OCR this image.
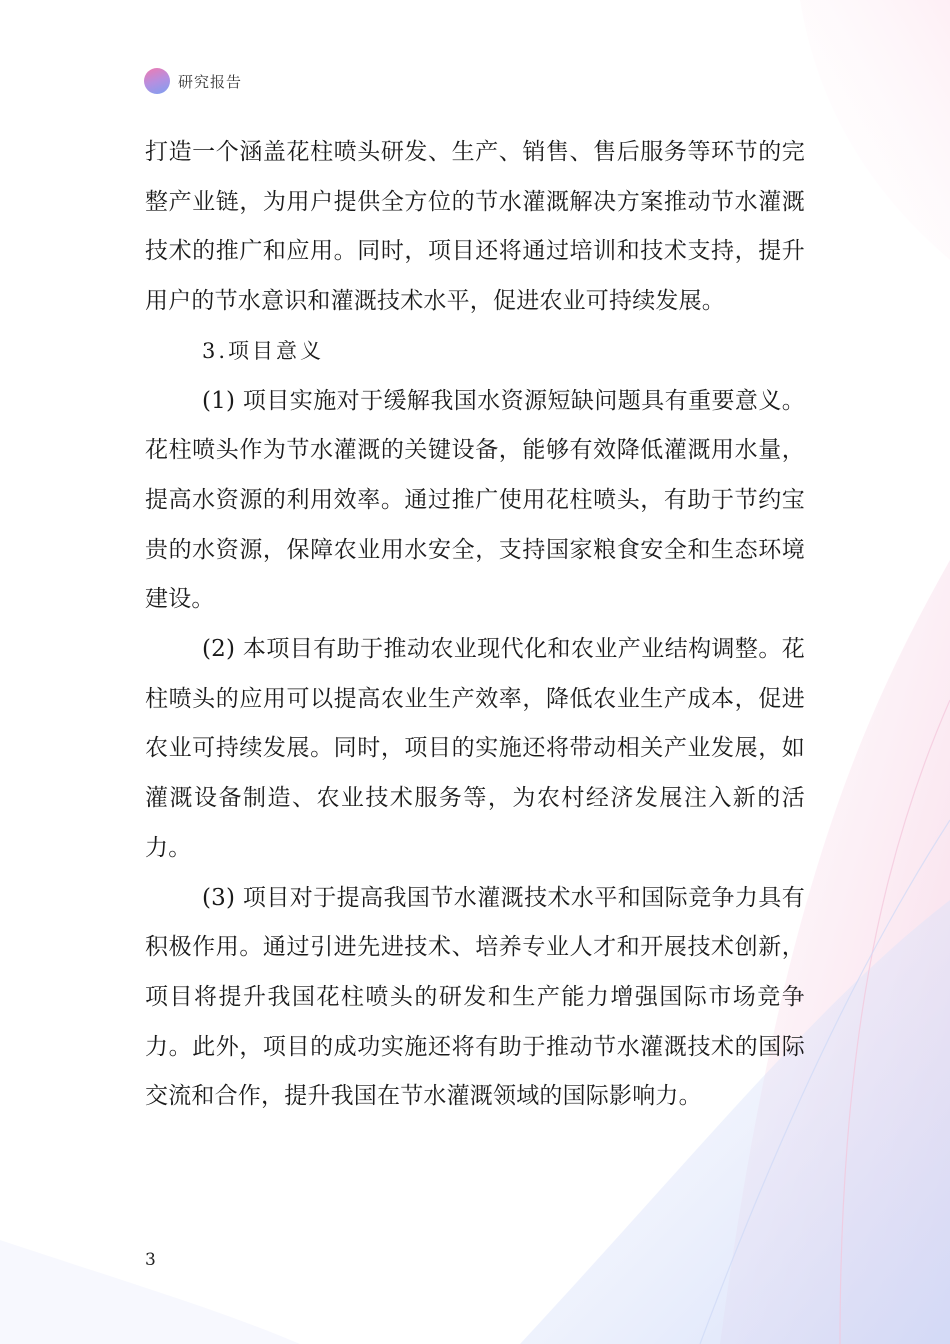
研究报告

打造一个涵盖花柱喷头研发、生产、销售、售后服务等环节的完整产业链，为用户提供全方位的节水灌溉解决方案推动节水灌溉技术的推广和应用。同时，项目还将通过培训和技术支持，提升用户的节水意识和灌溉技术水平，促进农业可持续发展。

3.项目意义

(1) 项目实施对于缓解我国水资源短缺问题具有重要意义。花柱喷头作为节水灌溉的关键设备，能够有效降低灌溉用水量，提高水资源的利用效率。通过推广使用花柱喷头，有助于节约宝贵的水资源，保障农业用水安全，支持国家粮食安全和生态环境建设。

(2) 本项目有助于推动农业现代化和农业产业结构调整。花柱喷头的应用可以提高农业生产效率，降低农业生产成本，促进农业可持续发展。同时，项目的实施还将带动相关产业发展，如灌溉设备制造、农业技术服务等，为农村经济发展注入新的活力。

(3) 项目对于提高我国节水灌溉技术水平和国际竞争力具有积极作用。通过引进先进技术、培养专业人才和开展技术创新，项目将提升我国花柱喷头的研发和生产能力增强国际市场竞争力。此外，项目的成功实施还将有助于推动节水灌溉技术的国际交流和合作，提升我国在节水灌溉领域的国际影响力。

3
